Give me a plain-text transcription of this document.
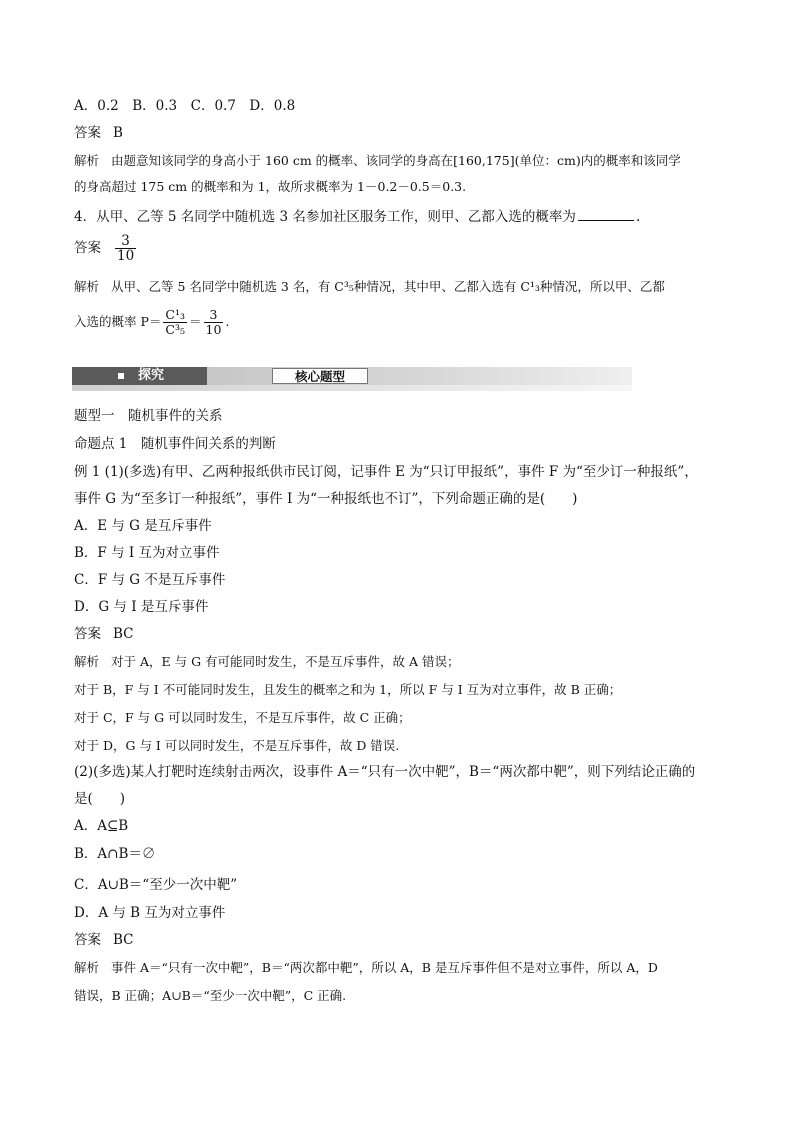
A．0.2　B．0.3　C．0.7　D．0.8
答案 B
解析 由题意知该同学的身高小于 160 cm 的概率、该同学的身高在[160,175](单位：cm)内的概率和该同学
的身高超过 175 cm 的概率和为 1，故所求概率为 1－0.2－0.5＝0.3.
4．从甲、乙等 5 名同学中随机选 3 名参加社区服务工作，则甲、乙都入选的概率为	.
答案 $\frac{3}{10}$
解析 从甲、乙等 5 名同学中随机选 3 名，有 C³₅种情况，其中甲、乙都入选有 C¹₃种情况，所以甲、乙都
入选的概率 $P= \frac{\text{C¹₃}}{\text{C³₅}} = \frac{3}{10}$ .
探究	核心题型
题型一　随机事件的关系
命题点 1　随机事件间关系的判断
例 1 (1)(多选)有甲、乙两种报纸供市民订阅，记事件 E 为“只订甲报纸”，事件 F 为“至少订一种报纸”，
事件 G 为“至多订一种报纸”，事件 I 为“一种报纸也不订”，下列命题正确的是(　　)
A．E 与 G 是互斥事件
B．F 与 I 互为对立事件
C．F 与 G 不是互斥事件
D．G 与 I 是互斥事件
答案 BC
解析 对于 A，E 与 G 有可能同时发生，不是互斥事件，故 A 错误；
对于 B，F 与 I 不可能同时发生，且发生的概率之和为 1，所以 F 与 I 互为对立事件，故 B 正确；
对于 C，F 与 G 可以同时发生，不是互斥事件，故 C 正确；
对于 D，G 与 I 可以同时发生，不是互斥事件，故 D 错误.
(2)(多选)某人打靶时连续射击两次，设事件 A＝“只有一次中靶”，B＝“两次都中靶”，则下列结论正确的
是(　　)
A．A⊆B
B．A∩B＝∅
C．A∪B＝“至少一次中靶”
D．A 与 B 互为对立事件
答案 BC
解析 事件 A＝“只有一次中靶”，B＝“两次都中靶”，所以 A，B 是互斥事件但不是对立事件，所以 A，D
错误，B 正确；A∪B＝“至少一次中靶”，C 正确.
